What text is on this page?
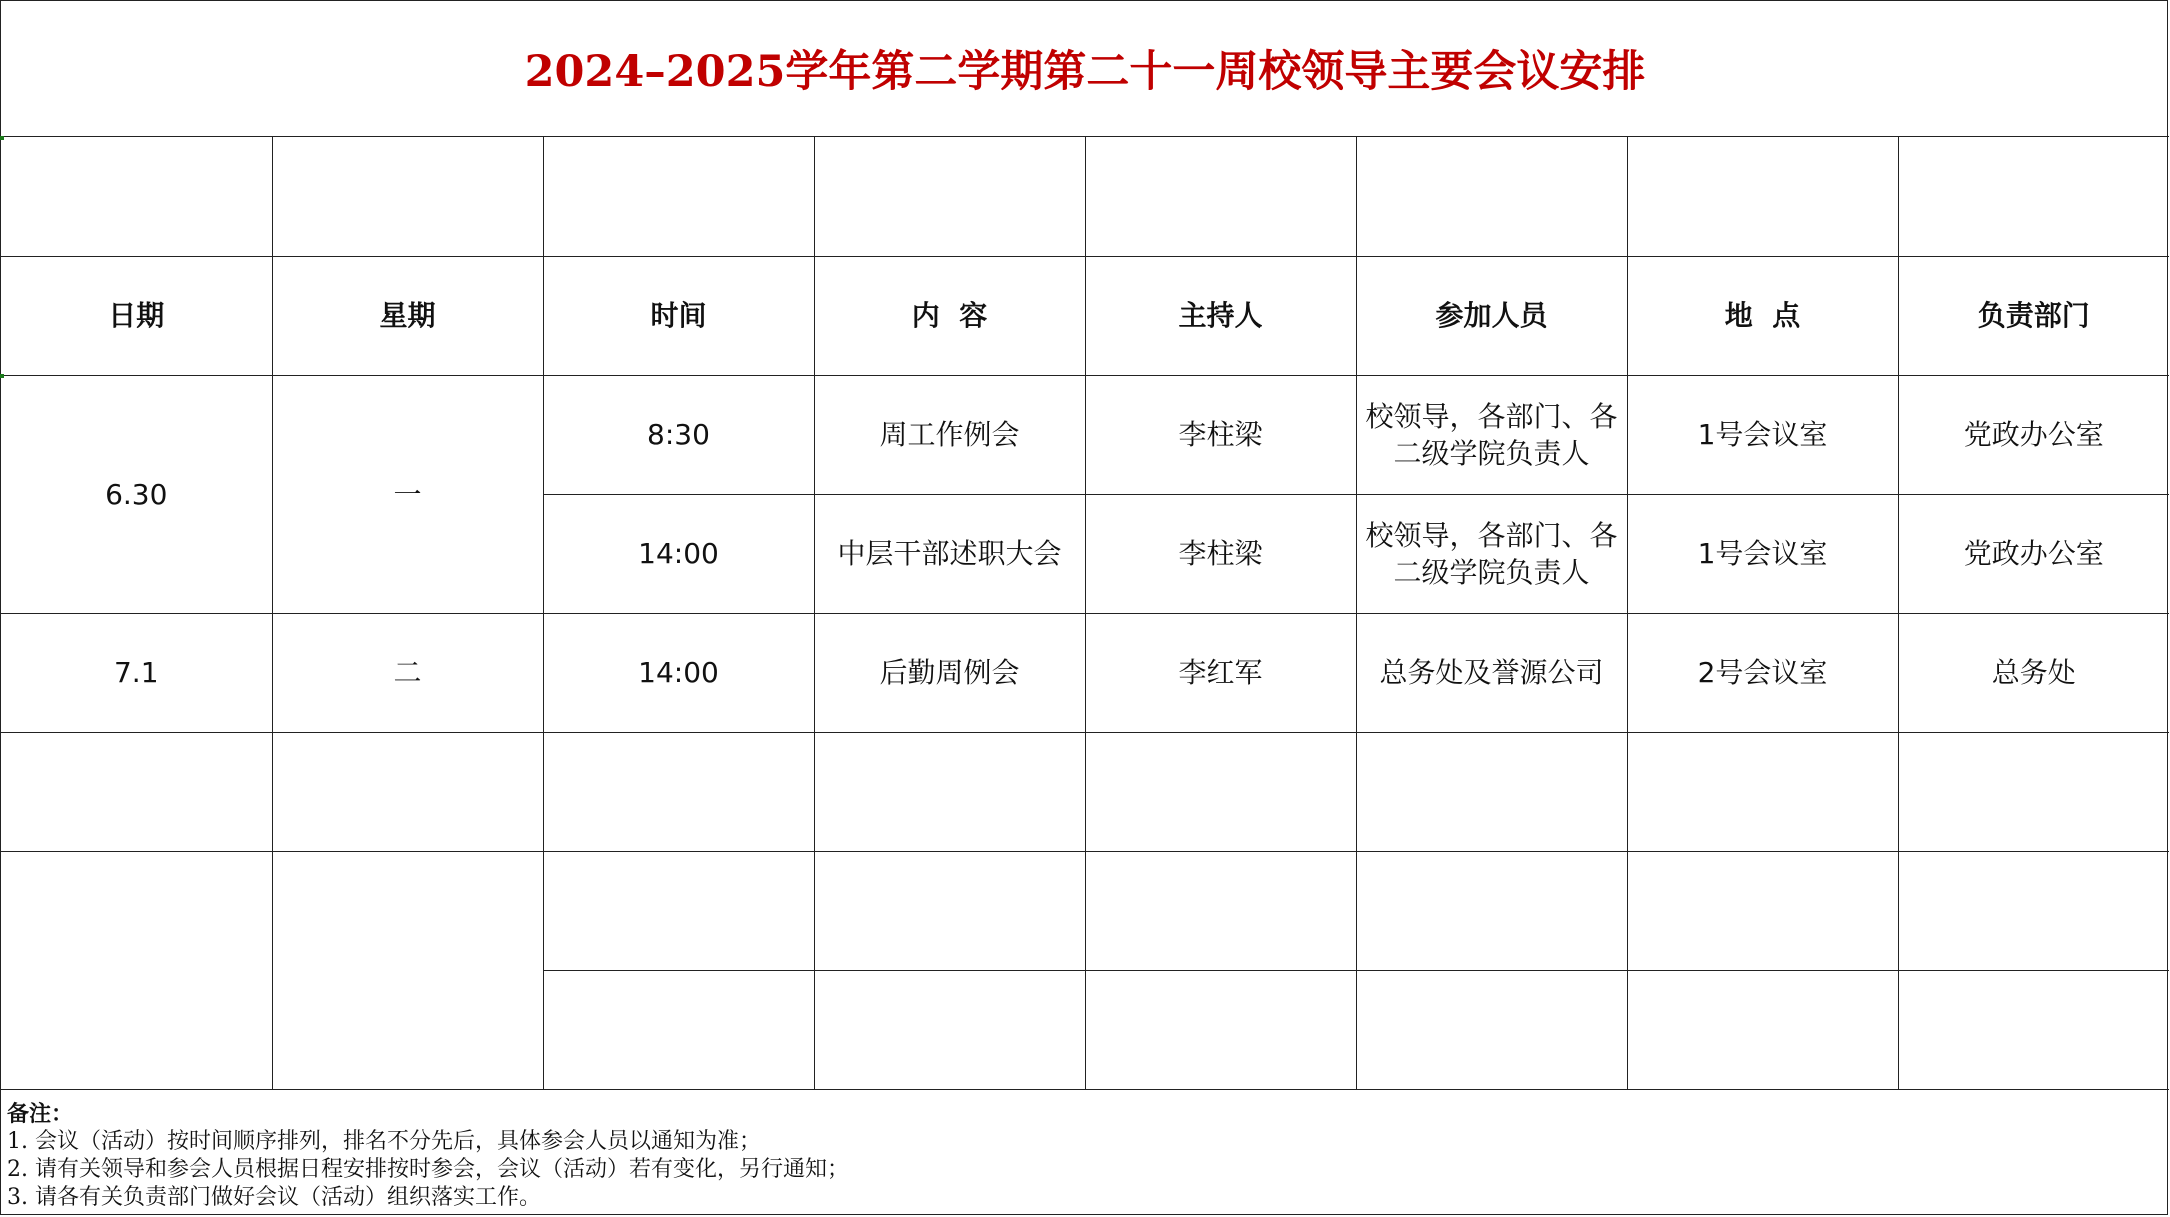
2024–2025学年第二学期第二十一周校领导主要会议安排

日期	星期	时间	内  容	主持人	参加人员	地  点	负责部门
6.30	一	8:30	周工作例会	李柱梁	校领导，各部门、各二级学院负责人	1号会议室	党政办公室
		14:00	中层干部述职大会	李柱梁	校领导，各部门、各二级学院负责人	1号会议室	党政办公室
7.1	二	14:00	后勤周例会	李红军	总务处及誉源公司	2号会议室	总务处

备注：
1. 会议（活动）按时间顺序排列，排名不分先后，具体参会人员以通知为准；
2. 请有关领导和参会人员根据日程安排按时参会，会议（活动）若有变化，另行通知；
3. 请各有关负责部门做好会议（活动）组织落实工作。
